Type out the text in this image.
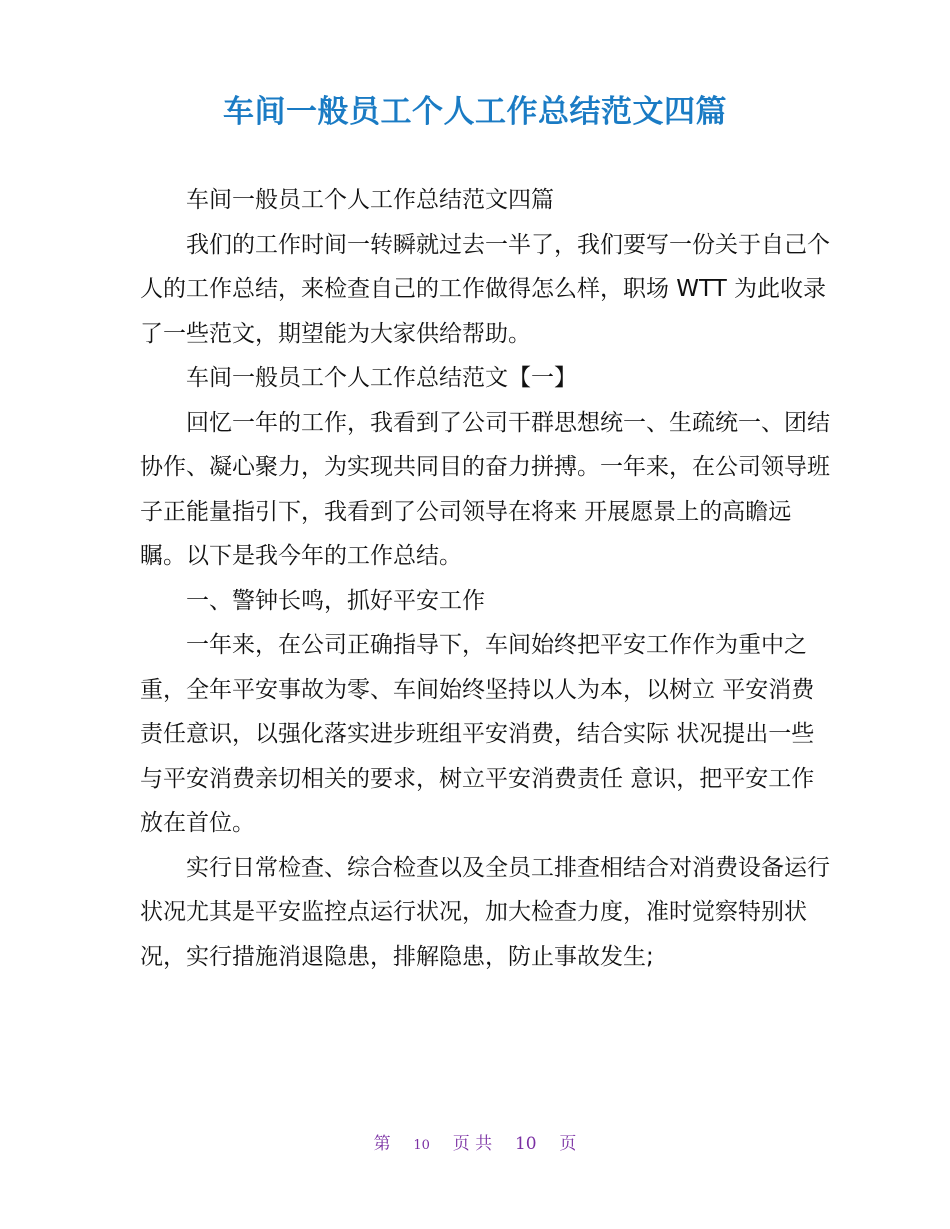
车间一般员工个人工作总结范文四篇

车间一般员工个人工作总结范文四篇

我们的工作时间一转瞬就过去一半了，我们要写一份关于自己个人的工作总结，来检查自己的工作做得怎么样，职场 WTT 为此收录了一些范文，期望能为大家供给帮助。

车间一般员工个人工作总结范文【一】

回忆一年的工作，我看到了公司干群思想统一、生疏统一、团结协作、凝心聚力，为实现共同目的奋力拼搏。一年来，在公司领导班子正能量指引下，我看到了公司领导在将来 开展愿景上的高瞻远瞩。以下是我今年的工作总结。

一、警钟长鸣，抓好平安工作

一年来，在公司正确指导下，车间始终把平安工作作为重中之重，全年平安事故为零、车间始终坚持以人为本，以树立 平安消费责任意识，以强化落实进步班组平安消费，结合实际 状况提出一些与平安消费亲切相关的要求，树立平安消费责任 意识，把平安工作放在首位。

实行日常检查、综合检查以及全员工排查相结合对消费设备运行状况尤其是平安监控点运行状况，加大检查力度，准时觉察特别状况，实行措施消退隐患，排解隐患，防止事故发生;

第 10 页 共 10 页
